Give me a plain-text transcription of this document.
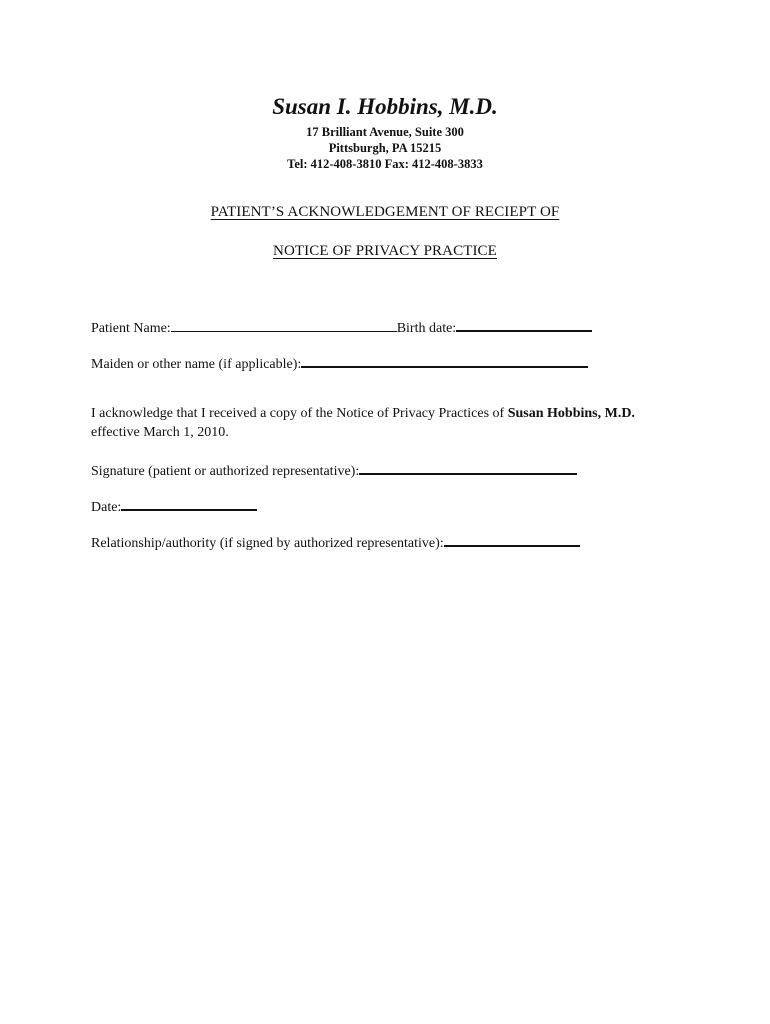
Susan I. Hobbins, M.D.

17 Brilliant Avenue, Suite 300

Pittsburgh, PA 15215

Tel: 412-408-3810 Fax: 412-408-3833

PATIENT’S ACKNOWLEDGEMENT OF RECIEPT OF
NOTICE OF PRIVACY PRACTICE
Patient Name:	Birth date:
Maiden or other name (if applicable):
I acknowledge that I received a copy of the Notice of Privacy Practices of Susan Hobbins, M.D.
effective March 1, 2010.
Signature (patient or authorized representative):
Date:
Relationship/authority (if signed by authorized representative):
